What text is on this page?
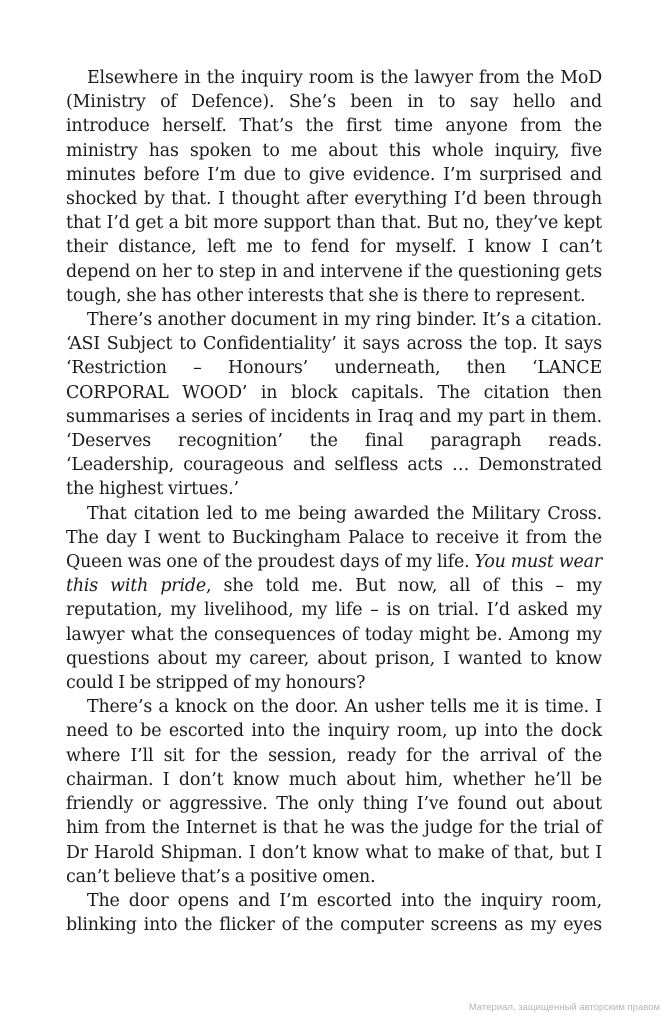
Elsewhere in the inquiry room is the lawyer from the MoD (Ministry of Defence). She’s been in to say hello and introduce herself. That’s the first time anyone from the ministry has spoken to me about this whole inquiry, five minutes before I’m due to give evidence. I’m surprised and shocked by that. I thought after everything I’d been through that I’d get a bit more support than that. But no, they’ve kept their distance, left me to fend for myself. I know I can’t depend on her to step in and intervene if the questioning gets tough, she has other interests that she is there to represent.

There’s another document in my ring binder. It’s a citation. ‘ASI Subject to Confidentiality’ it says across the top. It says ‘Restriction – Honours’ underneath, then ‘LANCE CORPORAL WOOD’ in block capitals. The citation then summarises a series of incidents in Iraq and my part in them. ‘Deserves recognition’ the final paragraph reads. ‘Leadership, courageous and selfless acts … Demonstrated the highest virtues.’

That citation led to me being awarded the Military Cross. The day I went to Buckingham Palace to receive it from the Queen was one of the proudest days of my life. You must wear this with pride, she told me. But now, all of this – my reputation, my livelihood, my life – is on trial. I’d asked my lawyer what the consequences of today might be. Among my questions about my career, about prison, I wanted to know could I be stripped of my honours?

There’s a knock on the door. An usher tells me it is time. I need to be escorted into the inquiry room, up into the dock where I’ll sit for the session, ready for the arrival of the chairman. I don’t know much about him, whether he’ll be friendly or aggressive. The only thing I’ve found out about him from the Internet is that he was the judge for the trial of Dr Harold Shipman. I don’t know what to make of that, but I can’t believe that’s a positive omen.

The door opens and I’m escorted into the inquiry room, blinking into the flicker of the computer screens as my eyes

Материал, защищенный авторским правом
